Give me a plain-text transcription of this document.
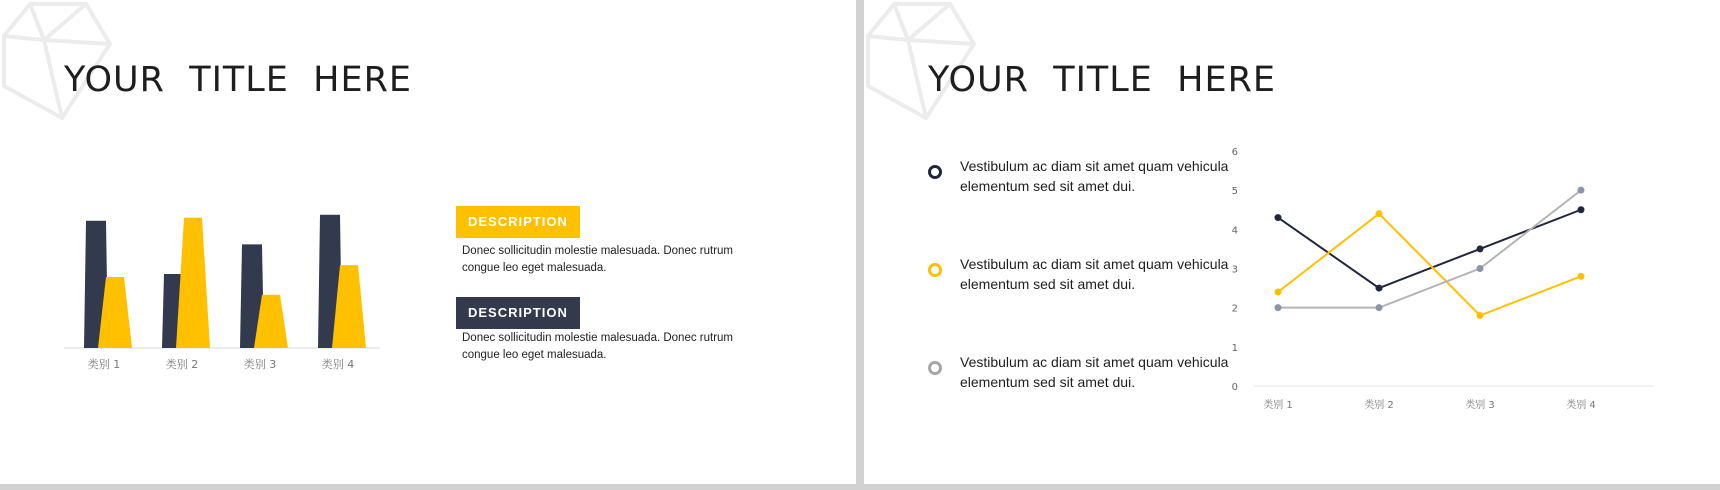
YOUR  TITLE  HERE
类别 1	类别 2	类别 3	类别 4
DESCRIPTION
Donec sollicitudin molestie malesuada. Donec rutrum congue leo eget malesuada.
DESCRIPTION
Donec sollicitudin molestie malesuada. Donec rutrum congue leo eget malesuada.
YOUR  TITLE  HERE
Vestibulum ac diam sit amet quam vehicula elementum sed sit amet dui.
Vestibulum ac diam sit amet quam vehicula elementum sed sit amet dui.
Vestibulum ac diam sit amet quam vehicula elementum sed sit amet dui.	0
1
2
3
4
5
6
类别 1	类别 2	类别 3	类别 4
